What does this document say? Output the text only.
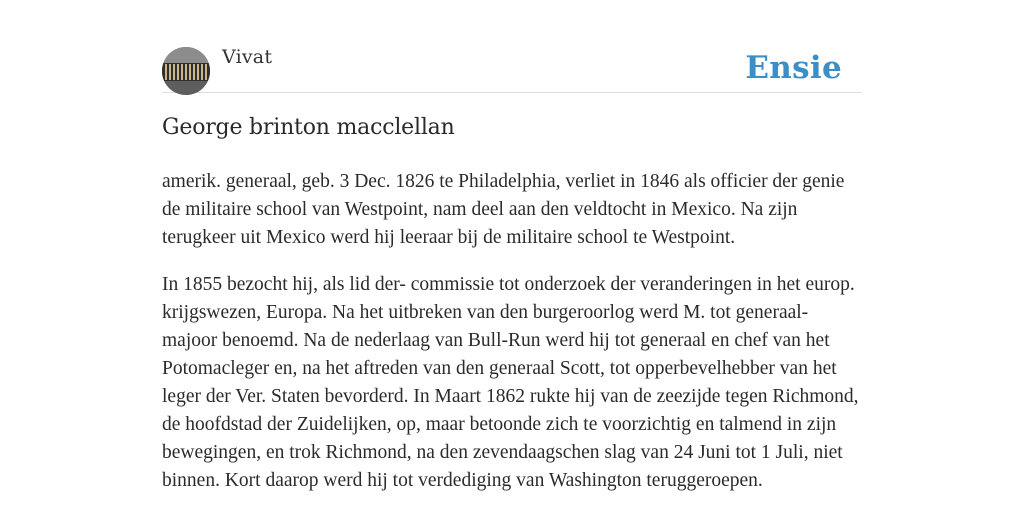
Vivat	Ensie
George brinton macclellan

amerik. generaal, geb. 3 Dec. 1826 te Philadelphia, verliet in 1846 als officier der genie de militaire school van Westpoint, nam deel aan den veldtocht in Mexico. Na zijn terugkeer uit Mexico werd hij leeraar bij de militaire school te Westpoint.

In 1855 bezocht hij, als lid der- commissie tot onderzoek der veranderingen in het europ. krijgswezen, Europa. Na het uitbreken van den burgeroorlog werd M. tot generaal-majoor benoemd. Na de nederlaag van Bull-Run werd hij tot generaal en chef van het Potomacleger en, na het aftreden van den generaal Scott, tot opperbevelhebber van het leger der Ver. Staten bevorderd. In Maart 1862 rukte hij van de zeezijde tegen Richmond, de hoofdstad der Zuidelijken, op, maar betoonde zich te voorzichtig en talmend in zijn bewegingen, en trok Richmond, na den zevendaagschen slag van 24 Juni tot 1 Juli, niet binnen. Kort daarop werd hij tot verdediging van Washington teruggeroepen.
